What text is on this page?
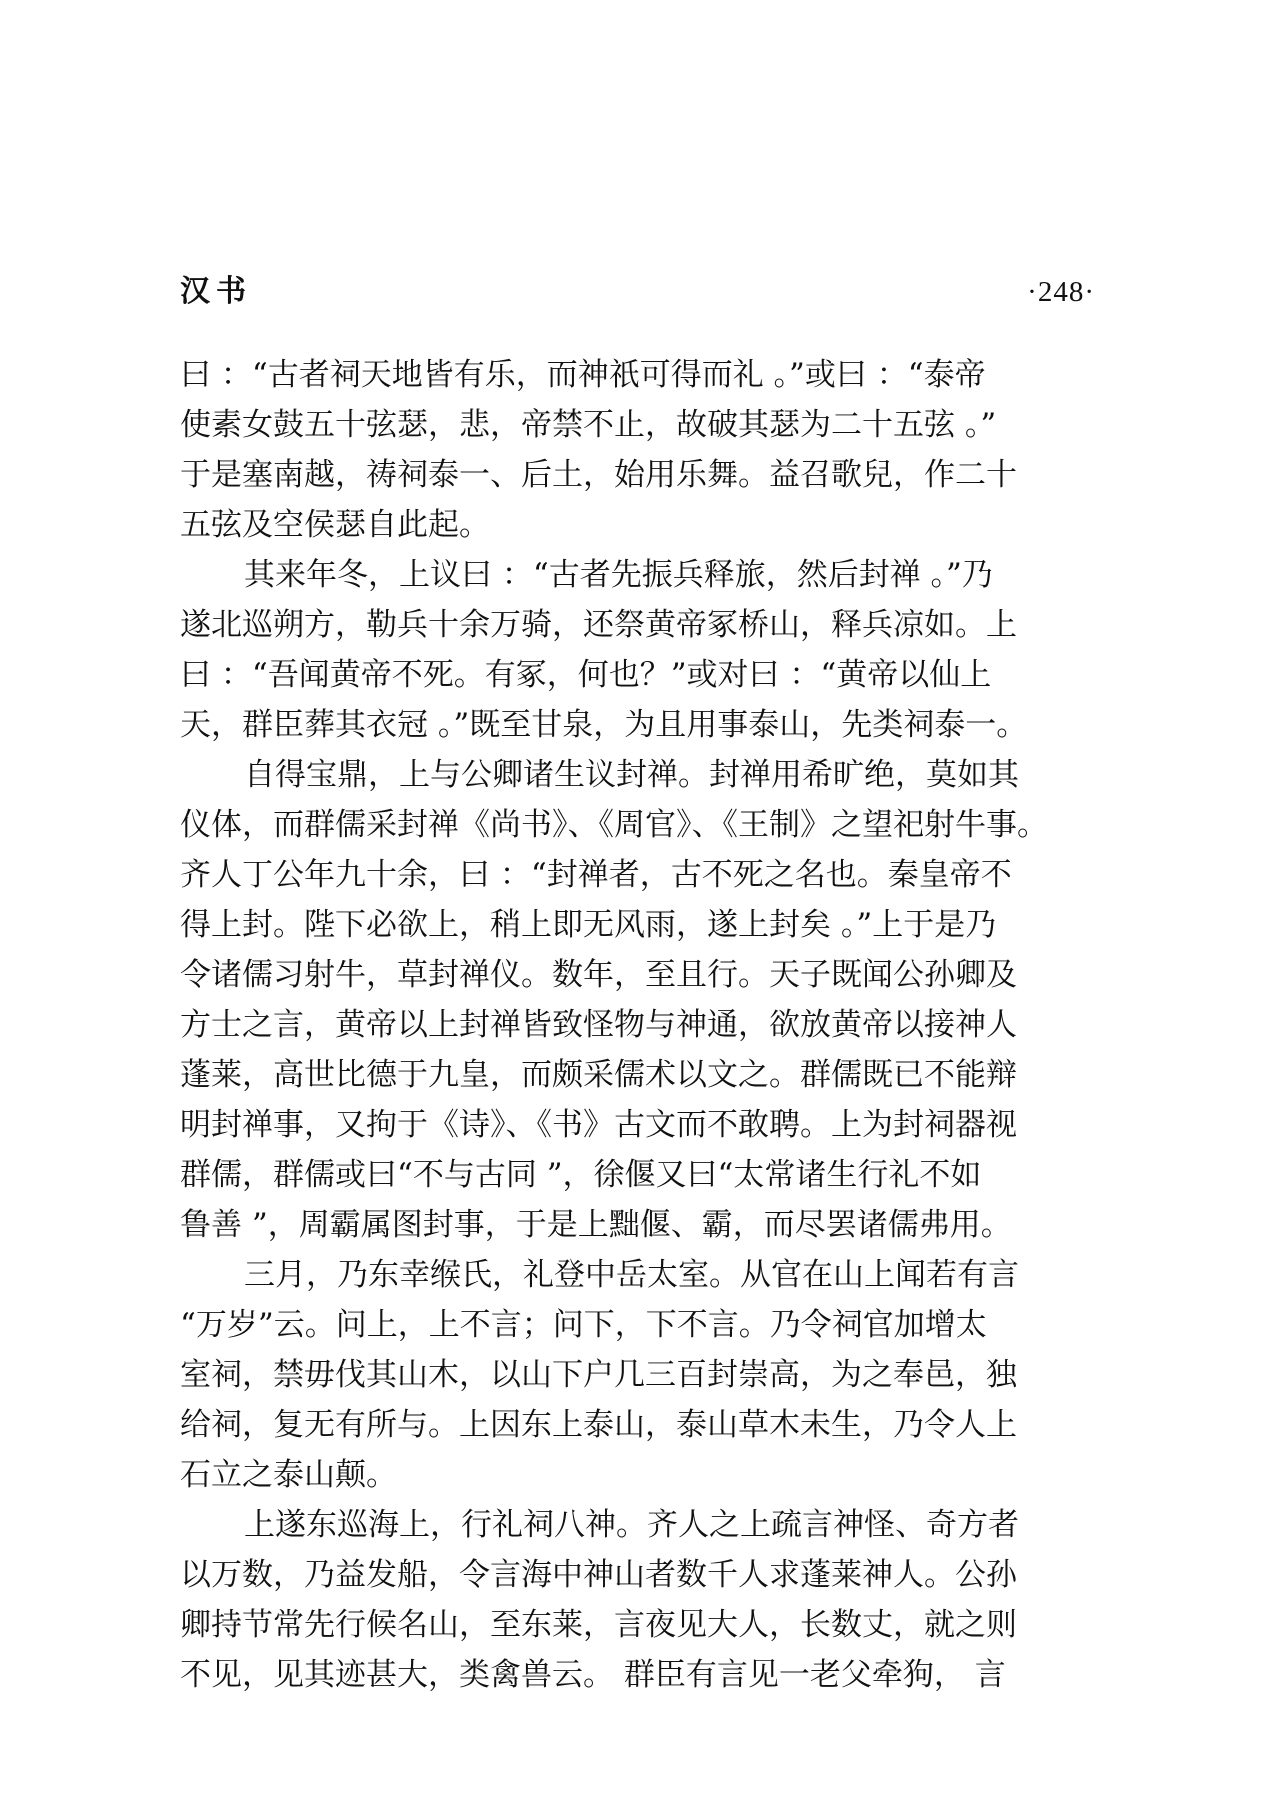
汉书	·248·
曰 ：“古者祠天地皆有乐，而神祇可得而礼 。”或曰 ：“泰帝
使素女鼓五十弦瑟，悲，帝禁不止，故破其瑟为二十五弦 。”
于是塞南越，祷祠泰一、后土，始用乐舞。益召歌兒，作二十
五弦及空侯瑟自此起。
其来年冬，上议曰 ：“古者先振兵释旅，然后封禅 。”乃
遂北巡朔方，勒兵十余万骑，还祭黄帝冢桥山，释兵凉如。上
曰 ：“吾闻黄帝不死。有冢，何也？”或对曰 ：“黄帝以仙上
天，群臣葬其衣冠 。”既至甘泉，为且用事泰山，先类祠泰一。
自得宝鼎，上与公卿诸生议封禅。封禅用希旷绝，莫如其
仪体，而群儒采封禅《尚书》、《周官》、《王制》之望祀射牛事。
齐人丁公年九十余，曰 ：“封禅者，古不死之名也。秦皇帝不
得上封。陛下必欲上，稍上即无风雨，遂上封矣 。”上于是乃
令诸儒习射牛，草封禅仪。数年，至且行。天子既闻公孙卿及
方士之言，黄帝以上封禅皆致怪物与神通，欲放黄帝以接神人
蓬莱，高世比德于九皇，而颇采儒术以文之。群儒既已不能辩
明封禅事，又拘于《诗》、《书》古文而不敢聘。上为封祠器视
群儒，群儒或曰“不与古同 ”，徐偃又曰“太常诸生行礼不如
鲁善 ”，周霸属图封事，于是上黜偃、霸，而尽罢诸儒弗用。
三月，乃东幸缑氏，礼登中岳太室。从官在山上闻若有言
“万岁”云。问上，上不言；问下，下不言。乃令祠官加增太
室祠，禁毋伐其山木，以山下户几三百封崇高，为之奉邑，独
给祠，复无有所与。上因东上泰山，泰山草木未生，乃令人上
石立之泰山颠。
上遂东巡海上，行礼祠八神。齐人之上疏言神怪、奇方者
以万数，乃益发船，令言海中神山者数千人求蓬莱神人。公孙
卿持节常先行候名山，至东莱，言夜见大人，长数丈，就之则
不见，见其迹甚大，类禽兽云。 群臣有言见一老父牵狗， 言
